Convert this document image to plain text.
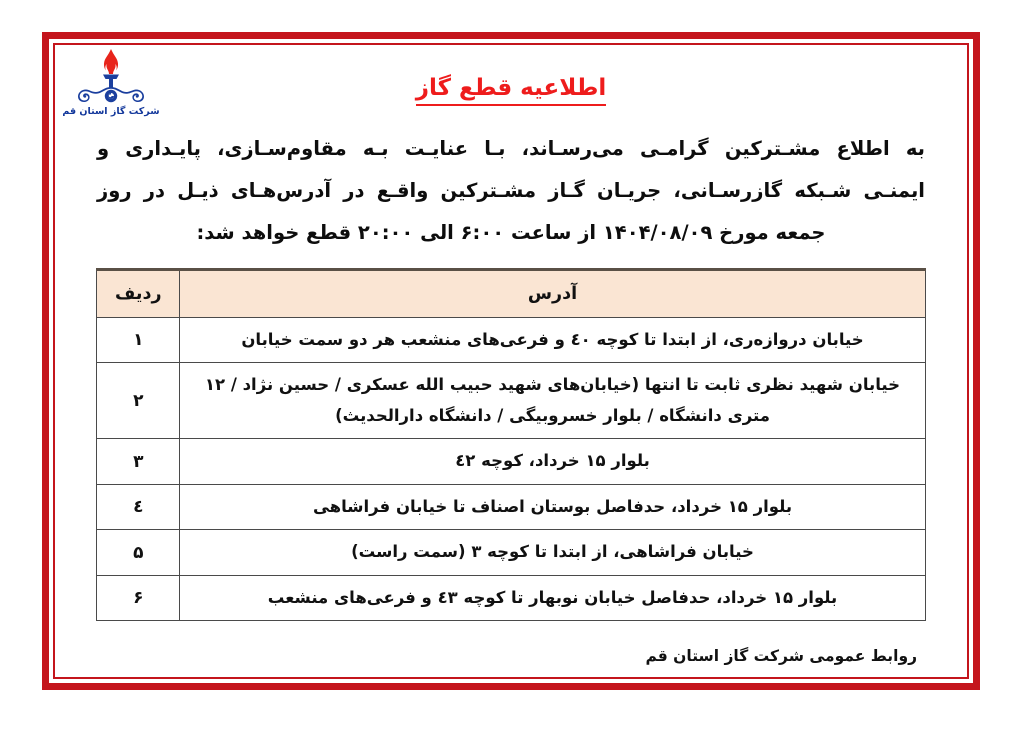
شرکت گاز استان قم
اطلاعیه قطع گاز
به اطلاع مشـترکین گرامـی می‌رسـاند، بـا عنایـت بـه مقاوم‌سـازی، پایـداری و
ایمنـی شـبکه گازرسـانی، جریـان گـاز مشـترکین واقـع در آدرس‌هـای ذیـل در روز
جمعه مورخ ۱۴۰۴/۰۸/۰۹ از ساعت ۶:۰۰ الی ۲۰:۰۰ قطع خواهد شد:
آدرس	ردیف
خیابان دروازه‌ری، از ابتدا تا کوچه ٤٠ و فرعی‌های منشعب هر دو سمت خیابان	۱
خیابان شهید نظری ثابت تا انتها (خیابان‌های شهید حبیب الله عسکری / حسین نژاد / ۱۲ متری دانشگاه / بلوار خسروبیگی / دانشگاه دارالحدیث)	۲
بلوار ۱۵ خرداد، کوچه ٤۲	۳
بلوار ۱۵ خرداد، حدفاصل بوستان اصناف تا خیابان فراشاهی	٤
خیابان فراشاهی، از ابتدا تا کوچه ۳ (سمت راست)	۵
بلوار ۱۵ خرداد، حدفاصل خیابان نوبهار تا کوچه ٤۳ و فرعی‌های منشعب	۶
روابط عمومی شرکت گاز استان قم
